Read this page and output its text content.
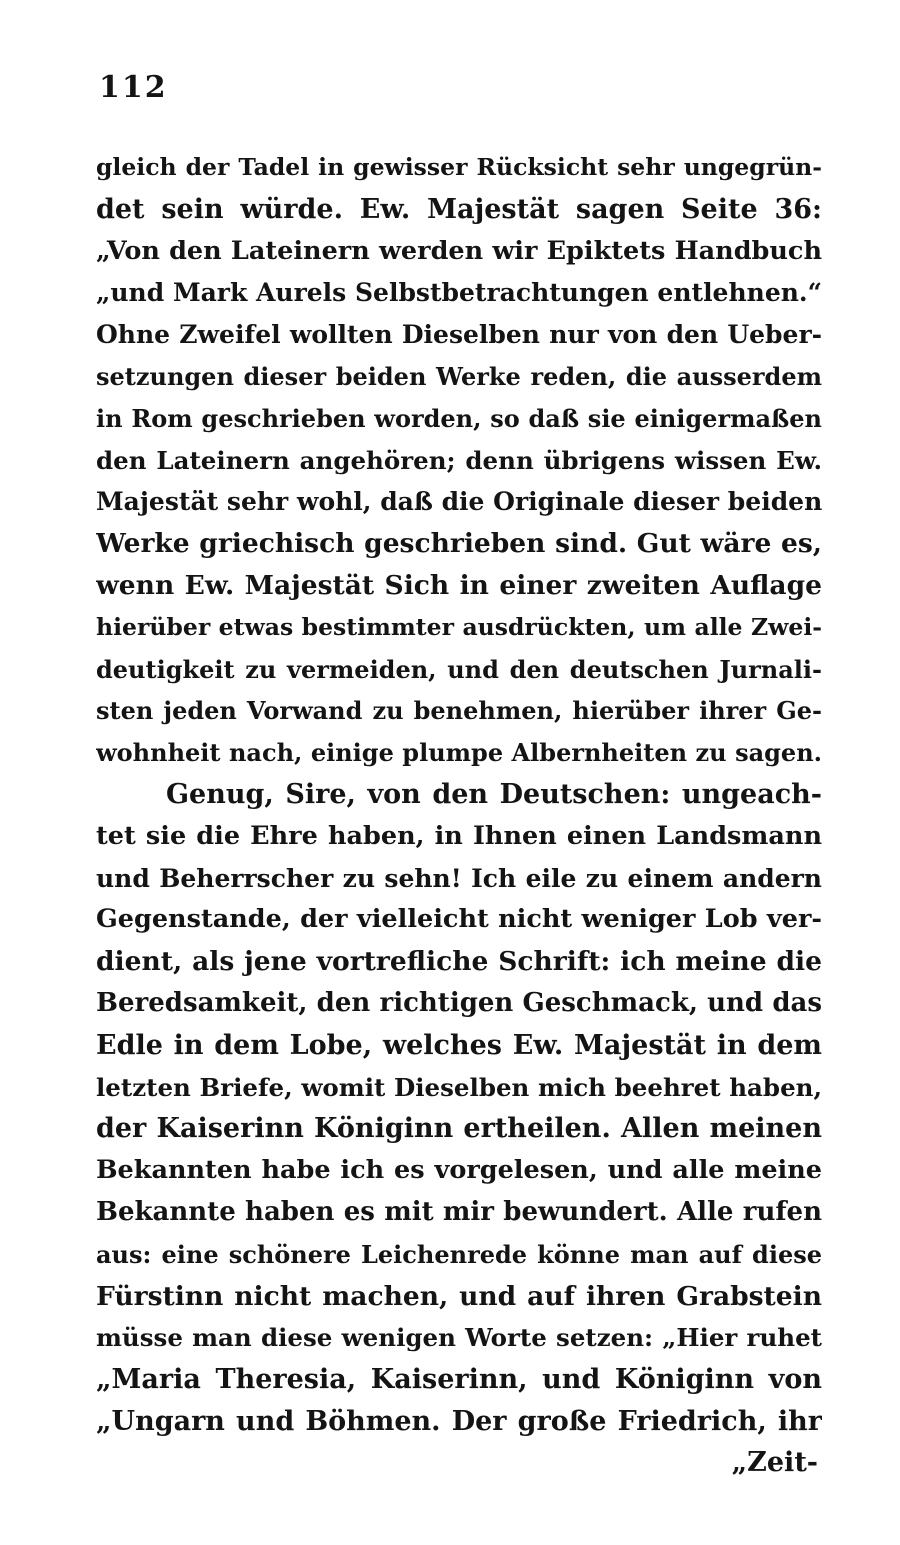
112
gleich der Tadel in gewisser Rücksicht sehr ungegrün-
det sein würde. Ew. Majestät sagen Seite 36:
„Von den Lateinern werden wir Epiktets Handbuch
„und Mark Aurels Selbstbetrachtungen entlehnen.“
Ohne Zweifel wollten Dieselben nur von den Ueber-
setzungen dieser beiden Werke reden, die ausserdem
in Rom geschrieben worden, so daß sie einigermaßen
den Lateinern angehören; denn übrigens wissen Ew.
Majestät sehr wohl, daß die Originale dieser beiden
Werke griechisch geschrieben sind. Gut wäre es,
wenn Ew. Majestät Sich in einer zweiten Auflage
hierüber etwas bestimmter ausdrückten, um alle Zwei-
deutigkeit zu vermeiden, und den deutschen Jurnali-
sten jeden Vorwand zu benehmen, hierüber ihrer Ge-
wohnheit nach, einige plumpe Albernheiten zu sagen.
Genug, Sire, von den Deutschen: ungeach-
tet sie die Ehre haben, in Ihnen einen Landsmann
und Beherrscher zu sehn! Ich eile zu einem andern
Gegenstande, der vielleicht nicht weniger Lob ver-
dient, als jene vortrefliche Schrift: ich meine die
Beredsamkeit, den richtigen Geschmack, und das
Edle in dem Lobe, welches Ew. Majestät in dem
letzten Briefe, womit Dieselben mich beehret haben,
der Kaiserinn Königinn ertheilen. Allen meinen
Bekannten habe ich es vorgelesen, und alle meine
Bekannte haben es mit mir bewundert. Alle rufen
aus: eine schönere Leichenrede könne man auf diese
Fürstinn nicht machen, und auf ihren Grabstein
müsse man diese wenigen Worte setzen: „Hier ruhet
„Maria Theresia, Kaiserinn, und Königinn von
„Ungarn und Böhmen. Der große Friedrich, ihr
„Zeit-
